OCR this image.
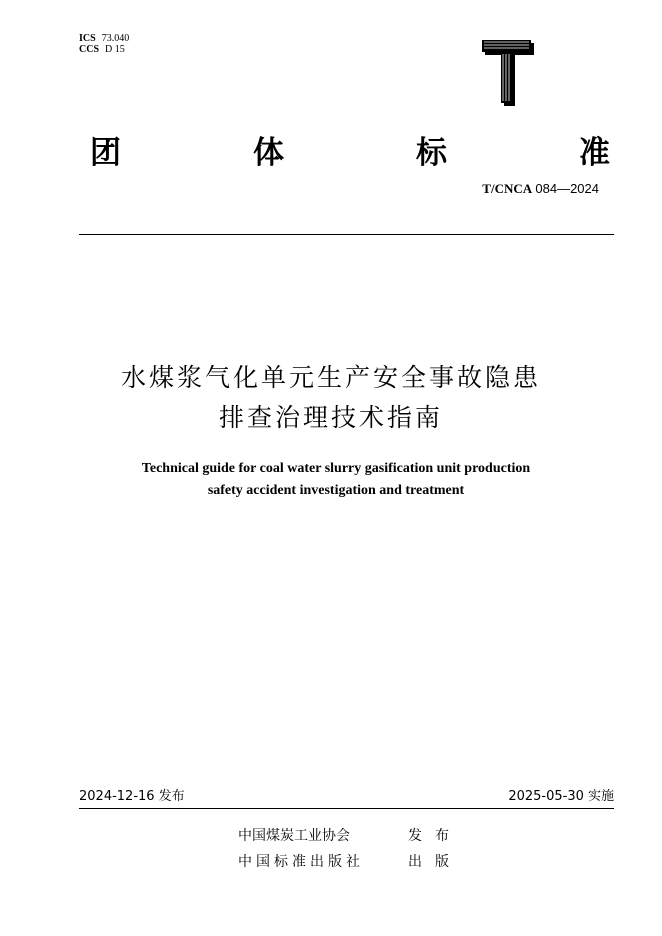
ICS 73.040
CCS D 15
团	体	标	准
T/CNCA 084—2024
水煤浆气化单元生产安全事故隐患
排查治理技术指南
Technical guide for coal water slurry gasification unit production
safety accident investigation and treatment
2024-12-16 发布	2025-05-30 实施
中国煤炭工业协会	发布
中国标准出版社	出版
